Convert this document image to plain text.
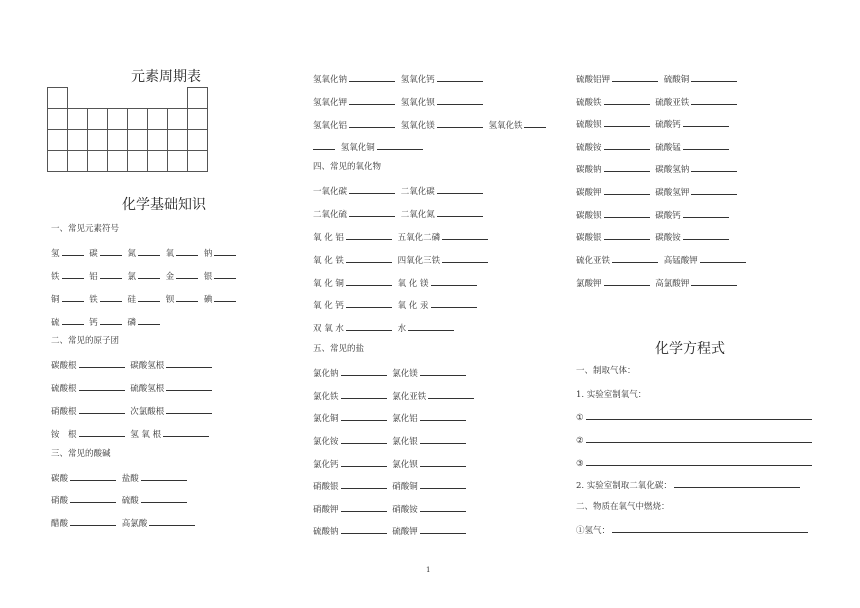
元素周期表

化学基础知识
一、常见元素符号
氢	碳	氮	氧	钠
铁	铝	氯	金	银
铜	铁	硅	钡	碘
硫	钙	磷
二、常见的原子团
碳酸根	碳酸氢根
硫酸根	硫酸氢根
硝酸根	次氯酸根
铵　根	氢 氧 根
三、常见的酸碱
碳酸	盐酸
硝酸	硫酸
醋酸	高氯酸
氢氧化钠	氢氧化钙
氢氧化钾	氢氧化钡
氢氧化铝	氢氧化镁	氢氧化铁
氢氧化铜
四、常见的氧化物
一氧化碳	二氧化碳
二氧化硫	二氧化氮
氧 化 铝	五氧化二磷
氧 化 铁	四氧化三铁
氧 化 铜	氧 化 镁
氧 化 钙	氧 化 汞
双 氧 水	水
五、常见的盐
氯化钠	氯化镁
氯化铁	氯化亚铁
氯化铜	氯化铝
氯化铵	氯化银
氯化钙	氯化钡
硝酸银	硝酸铜
硝酸钾	硝酸铵
硫酸钠	硫酸钾
硫酸铝钾	硫酸铜
硫酸铁	硫酸亚铁
硫酸钡	硫酸钙
硫酸铵	硫酸锰
碳酸钠	碳酸氢钠
碳酸钾	碳酸氢钾
碳酸钡	碳酸钙
碳酸银	碳酸铵
硫化亚铁	高锰酸钾
氯酸钾	高氯酸钾
化学方程式
一、制取气体：
1. 实验室制氧气：
①
②
③
2. 实验室制取二氧化碳：
二、物质在氧气中燃烧：
①氢气：
1
